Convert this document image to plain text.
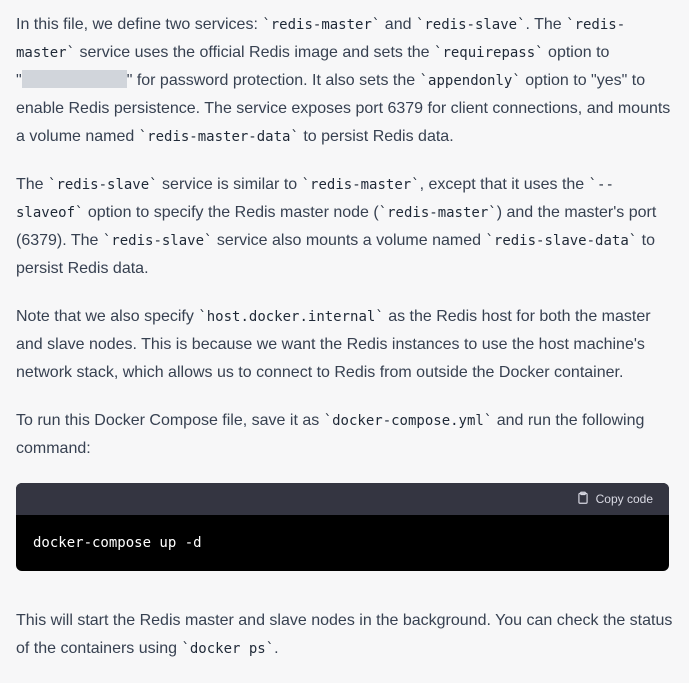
In this file, we define two services: `redis-master` and `redis-slave`. The `redis-
master` service uses the official Redis image and sets the `requirepass` option to
"	" for password protection. It also sets the `appendonly` option to "yes" to enable Redis persistence. The service exposes port 6379 for client connections, and mounts a volume named `redis-master-data` to persist Redis data.

The `redis-slave` service is similar to `redis-master`, except that it uses the `--
slaveof` option to specify the Redis master node (`redis-master`) and the master's port (6379). The `redis-slave` service also mounts a volume named `redis-slave-data` to persist Redis data.

Note that we also specify `host.docker.internal` as the Redis host for both the master and slave nodes. This is because we want the Redis instances to use the host machine's network stack, which allows us to connect to Redis from outside the Docker container.

To run this Docker Compose file, save it as `docker-compose.yml` and run the following command:

Copy code
docker-compose up -d

This will start the Redis master and slave nodes in the background. You can check the status of the containers using `docker ps`.
